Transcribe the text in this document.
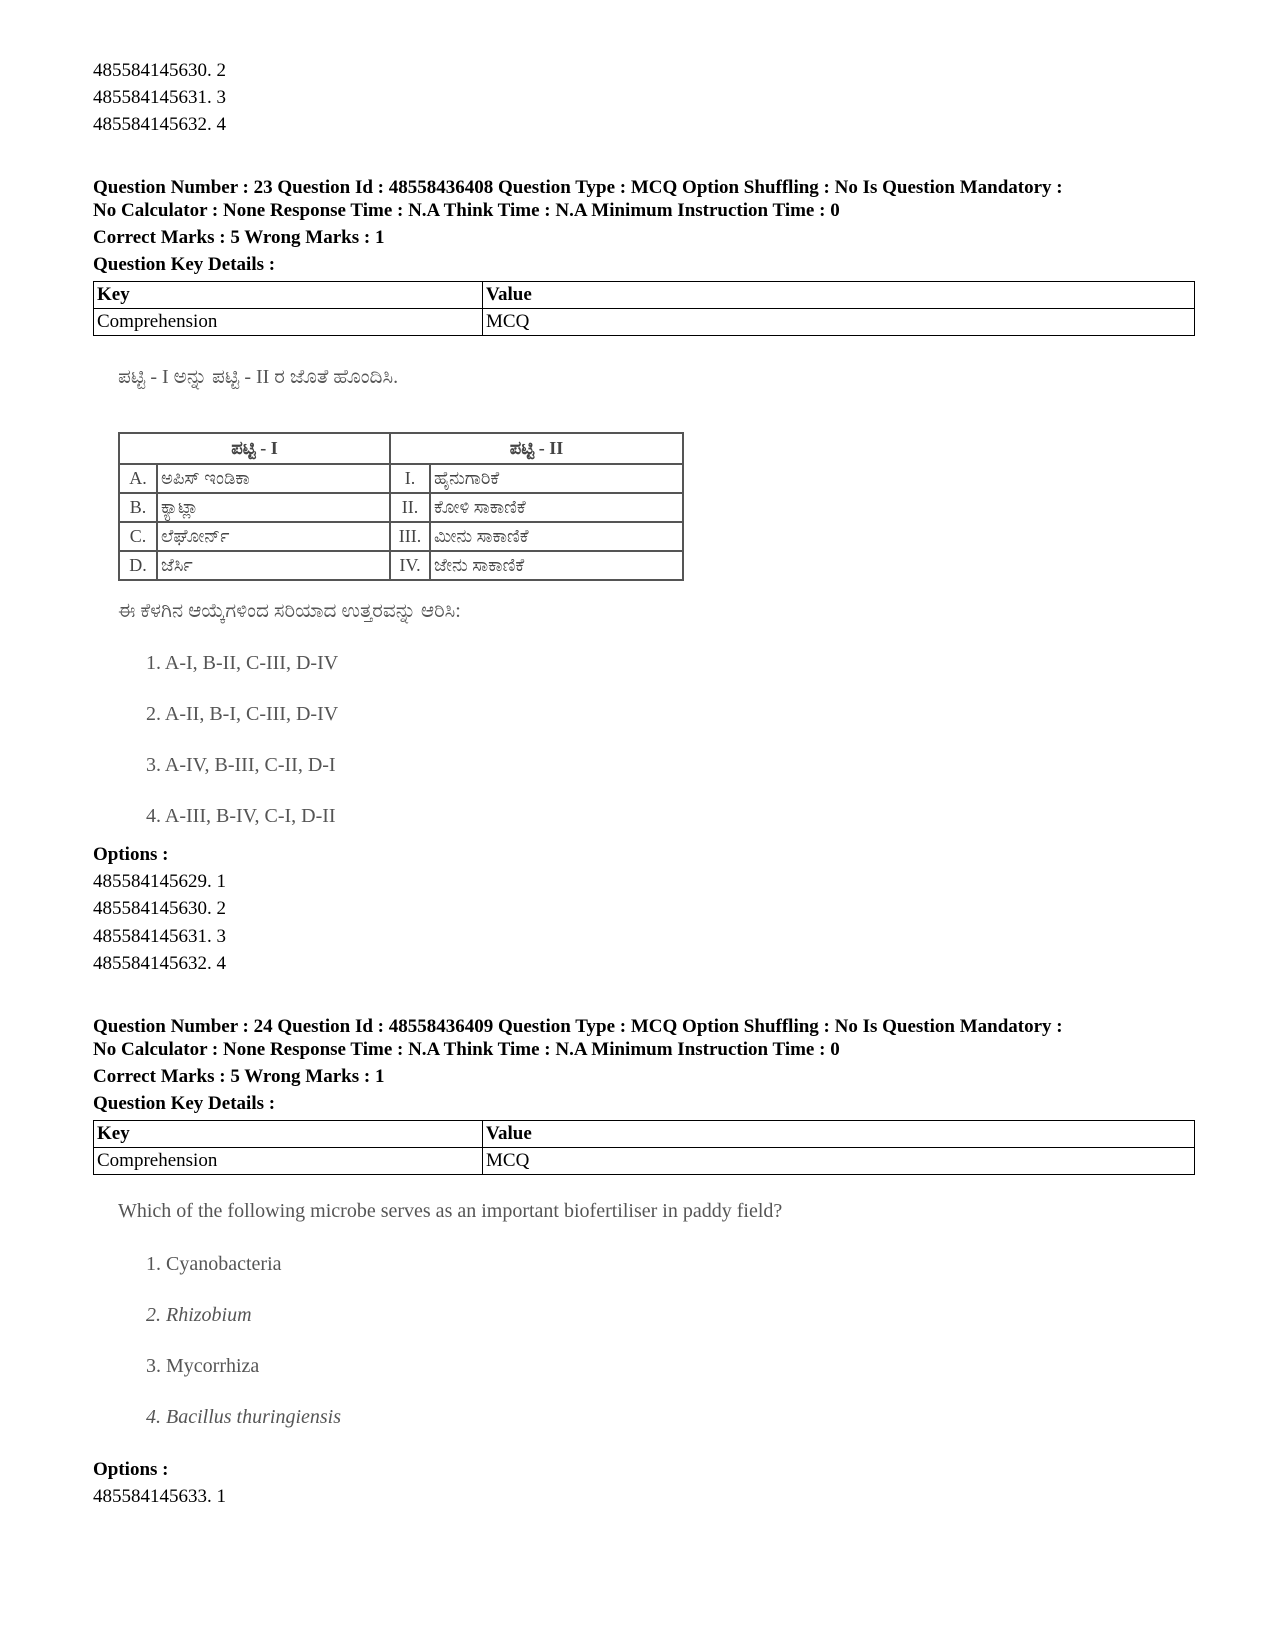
485584145630. 2
485584145631. 3
485584145632. 4
Question Number : 23 Question Id : 48558436408 Question Type : MCQ Option Shuffling : No Is Question Mandatory :
No Calculator : None Response Time : N.A Think Time : N.A Minimum Instruction Time : 0
Correct Marks : 5 Wrong Marks : 1
Question Key Details :
Key	Value
Comprehension	MCQ
ಪಟ್ಟಿ - I ಅನ್ನು ಪಟ್ಟಿ - II ರ ಜೊತೆ ಹೊಂದಿಸಿ.
ಪಟ್ಟಿ - I		ಪಟ್ಟಿ - II	
A.	ಅಪಿಸ್ ಇಂಡಿಕಾ	I.	ಹೈನುಗಾರಿಕೆ
B.	ಕ್ಯಾಟ್ಲಾ	II.	ಕೋಳಿ ಸಾಕಾಣಿಕೆ
C.	ಲೆಘೋರ್ನ್	III.	ಮೀನು ಸಾಕಾಣಿಕೆ
D.	ಜೆರ್ಸಿ	IV.	ಜೇನು ಸಾಕಾಣಿಕೆ
ಈ ಕೆಳಗಿನ ಆಯ್ಕೆಗಳಿಂದ ಸರಿಯಾದ ಉತ್ತರವನ್ನು ಆರಿಸಿ:
1. A-I, B-II, C-III, D-IV
2. A-II, B-I, C-III, D-IV
3. A-IV, B-III, C-II, D-I
4. A-III, B-IV, C-I, D-II
Options :
485584145629. 1
485584145630. 2
485584145631. 3
485584145632. 4
Question Number : 24 Question Id : 48558436409 Question Type : MCQ Option Shuffling : No Is Question Mandatory :
No Calculator : None Response Time : N.A Think Time : N.A Minimum Instruction Time : 0
Correct Marks : 5 Wrong Marks : 1
Question Key Details :
Key	Value
Comprehension	MCQ
Which of the following microbe serves as an important biofertiliser in paddy field?
1. Cyanobacteria
2. Rhizobium
3. Mycorrhiza
4. Bacillus thuringiensis
Options :
485584145633. 1
